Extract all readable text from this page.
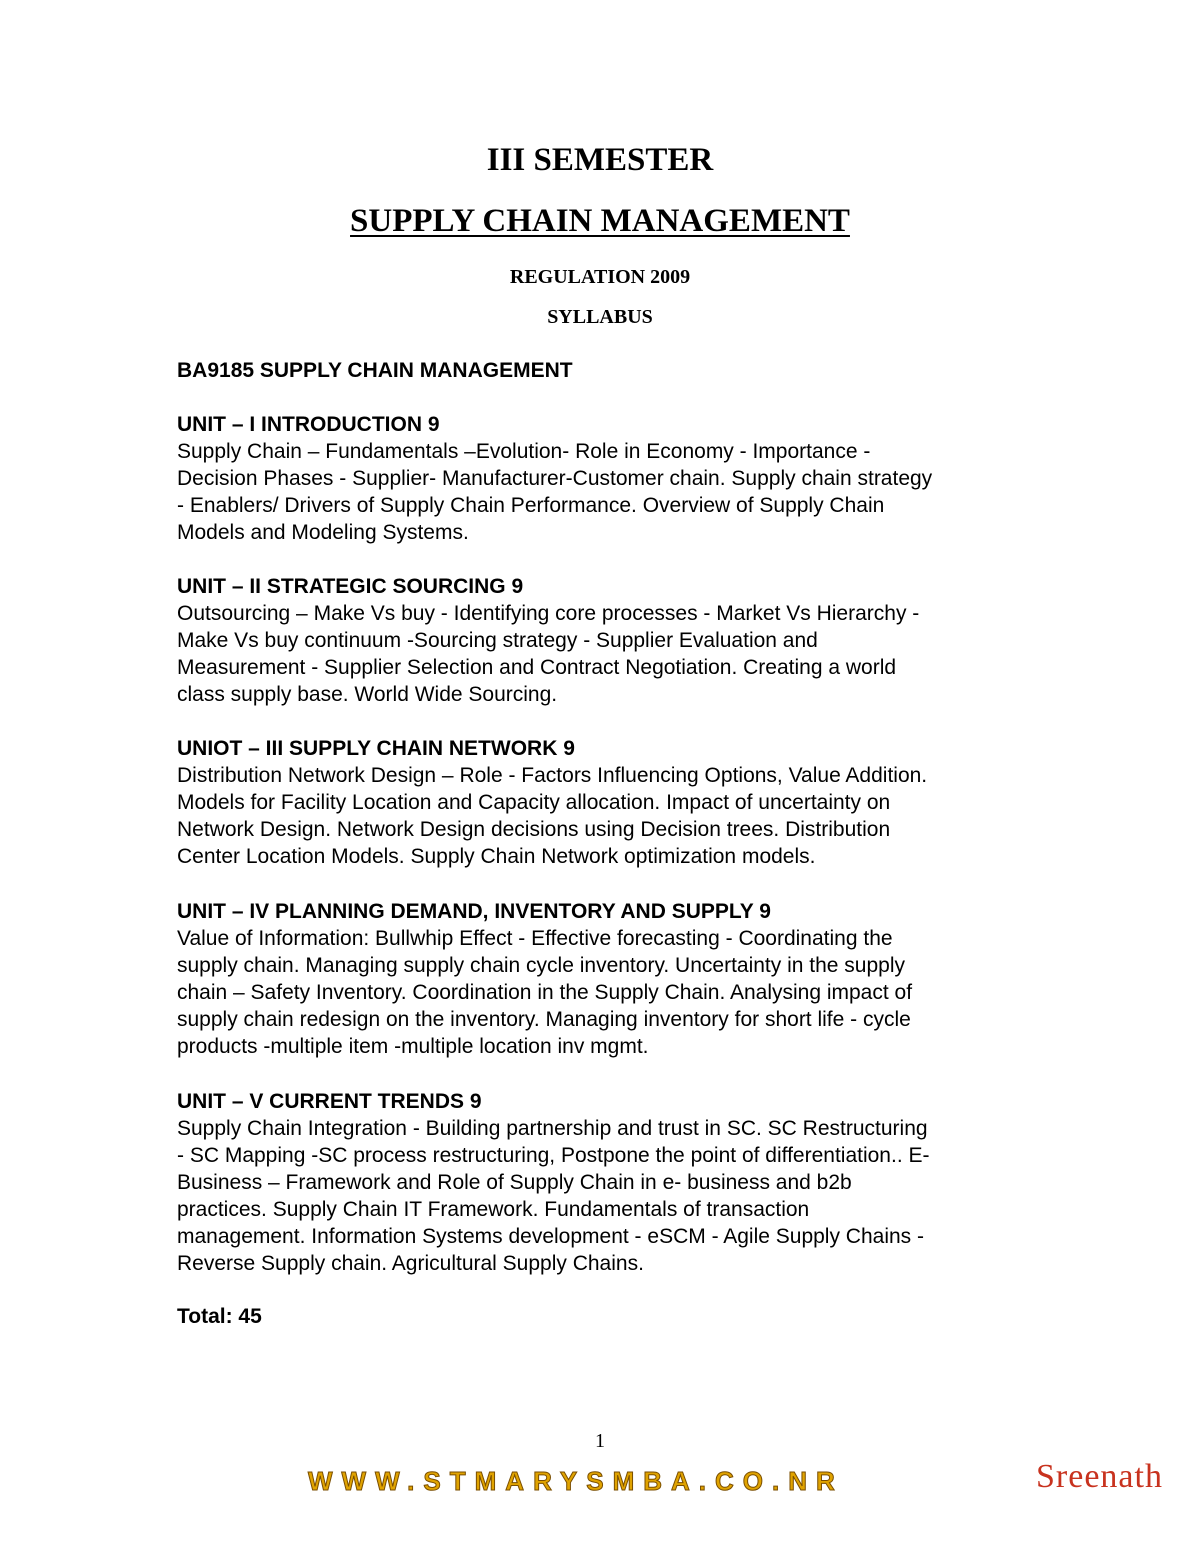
III SEMESTER
SUPPLY CHAIN MANAGEMENT
REGULATION 2009
SYLLABUS
BA9185 SUPPLY CHAIN MANAGEMENT

UNIT – I INTRODUCTION 9

Supply Chain – Fundamentals –Evolution- Role in Economy - Importance -
Decision Phases - Supplier- Manufacturer-Customer chain. Supply chain strategy
- Enablers/ Drivers of Supply Chain Performance. Overview of Supply Chain
Models and Modeling Systems.

UNIT – II STRATEGIC SOURCING 9

Outsourcing – Make Vs buy - Identifying core processes - Market Vs Hierarchy -
Make Vs buy continuum -Sourcing strategy - Supplier Evaluation and
Measurement - Supplier Selection and Contract Negotiation. Creating a world
class supply base. World Wide Sourcing.

UNIOT – III SUPPLY CHAIN NETWORK 9

Distribution Network Design – Role - Factors Influencing Options, Value Addition.
Models for Facility Location and Capacity allocation. Impact of uncertainty on
Network Design. Network Design decisions using Decision trees. Distribution
Center Location Models. Supply Chain Network optimization models.

UNIT – IV PLANNING DEMAND, INVENTORY AND SUPPLY 9

Value of Information: Bullwhip Effect - Effective forecasting - Coordinating the
supply chain. Managing supply chain cycle inventory. Uncertainty in the supply
chain – Safety Inventory. Coordination in the Supply Chain. Analysing impact of
supply chain redesign on the inventory. Managing inventory for short life - cycle
products -multiple item -multiple location inv mgmt.

UNIT – V CURRENT TRENDS 9

Supply Chain Integration - Building partnership and trust in SC. SC Restructuring
- SC Mapping -SC process restructuring, Postpone the point of differentiation.. E-
Business – Framework and Role of Supply Chain in e- business and b2b
practices. Supply Chain IT Framework. Fundamentals of transaction
management. Information Systems development - eSCM - Agile Supply Chains -
Reverse Supply chain. Agricultural Supply Chains.

Total: 45
1
WWW.STMARYSMBA.CO.NR	Sreenath
